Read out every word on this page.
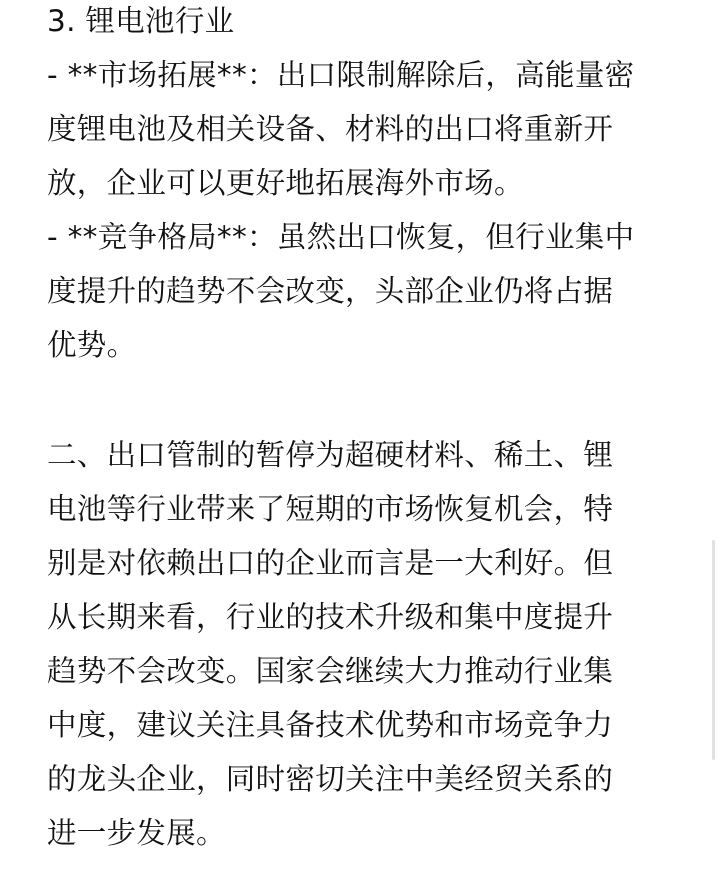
3. 锂电池行业
- **市场拓展**：出口限制解除后，高能量密
度锂电池及相关设备、材料的出口将重新开
放，企业可以更好地拓展海外市场。
- **竞争格局**：虽然出口恢复，但行业集中
度提升的趋势不会改变，头部企业仍将占据
优势。
二、出口管制的暂停为超硬材料、稀土、锂
电池等行业带来了短期的市场恢复机会，特
别是对依赖出口的企业而言是一大利好。但
从长期来看，行业的技术升级和集中度提升
趋势不会改变。国家会继续大力推动行业集
中度，建议关注具备技术优势和市场竞争力
的龙头企业，同时密切关注中美经贸关系的
进一步发展。
